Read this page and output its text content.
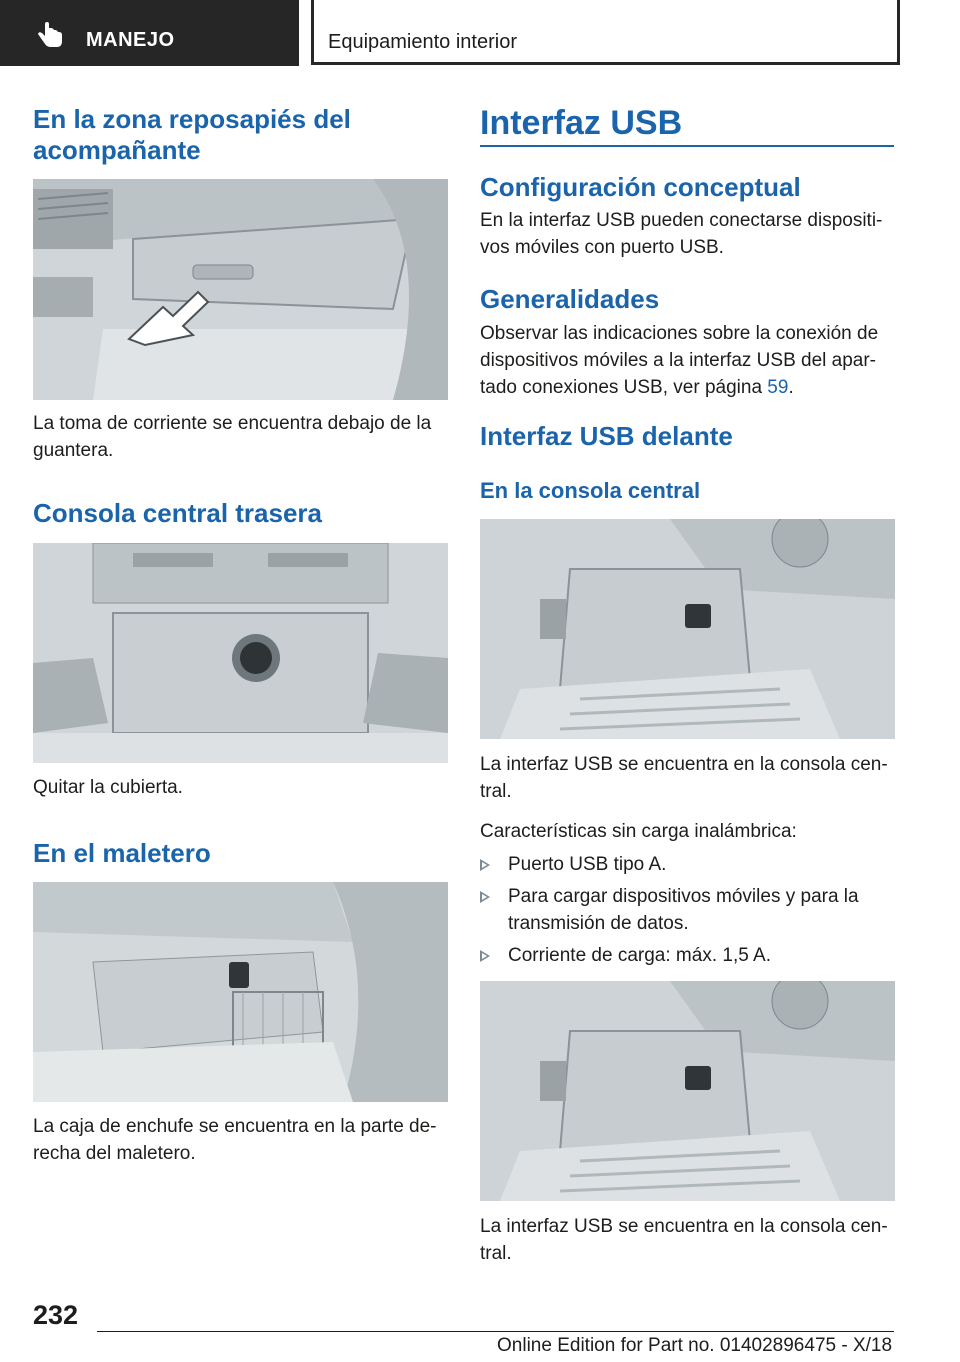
MANEJO	Equipamiento interior
En la zona reposapiés del acompañante

La toma de corriente se encuentra debajo de la guantera.

Consola central trasera

Quitar la cubierta.

En el maletero

La caja de enchufe se encuentra en la parte de-recha del maletero.

Interfaz USB
Configuración conceptual

En la interfaz USB pueden conectarse dispositi-vos móviles con puerto USB.

Generalidades

Observar las indicaciones sobre la conexión de dispositivos móviles a la interfaz USB del apar-tado conexiones USB, ver página 59.

Interfaz USB delante
En la consola central

La interfaz USB se encuentra en la consola cen-tral.

Características sin carga inalámbrica:

Puerto USB tipo A.
Para cargar dispositivos móviles y para la transmisión de datos.
Corriente de carga: máx. 1,5 A.

La interfaz USB se encuentra en la consola cen-tral.

232
Online Edition for Part no. 01402896475 - X/18
